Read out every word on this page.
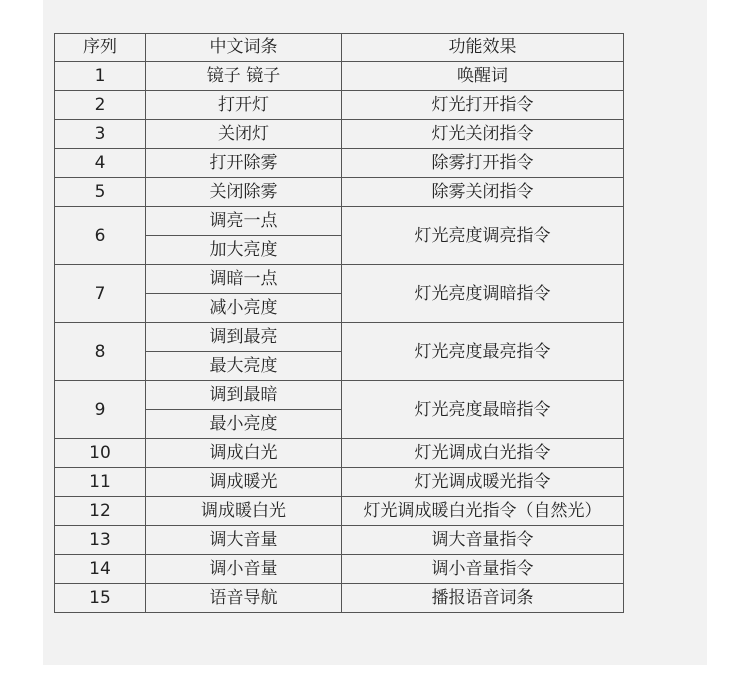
序列	中文词条	功能效果
1	镜子 镜子	唤醒词
2	打开灯	灯光打开指令
3	关闭灯	灯光关闭指令
4	打开除雾	除雾打开指令
5	关闭除雾	除雾关闭指令
6	调亮一点	灯光亮度调亮指令
	加大亮度	
7	调暗一点	灯光亮度调暗指令
	减小亮度	
8	调到最亮	灯光亮度最亮指令
	最大亮度	
9	调到最暗	灯光亮度最暗指令
	最小亮度	
10	调成白光	灯光调成白光指令
11	调成暖光	灯光调成暖光指令
12	调成暖白光	灯光调成暖白光指令（自然光）
13	调大音量	调大音量指令
14	调小音量	调小音量指令
15	语音导航	播报语音词条
